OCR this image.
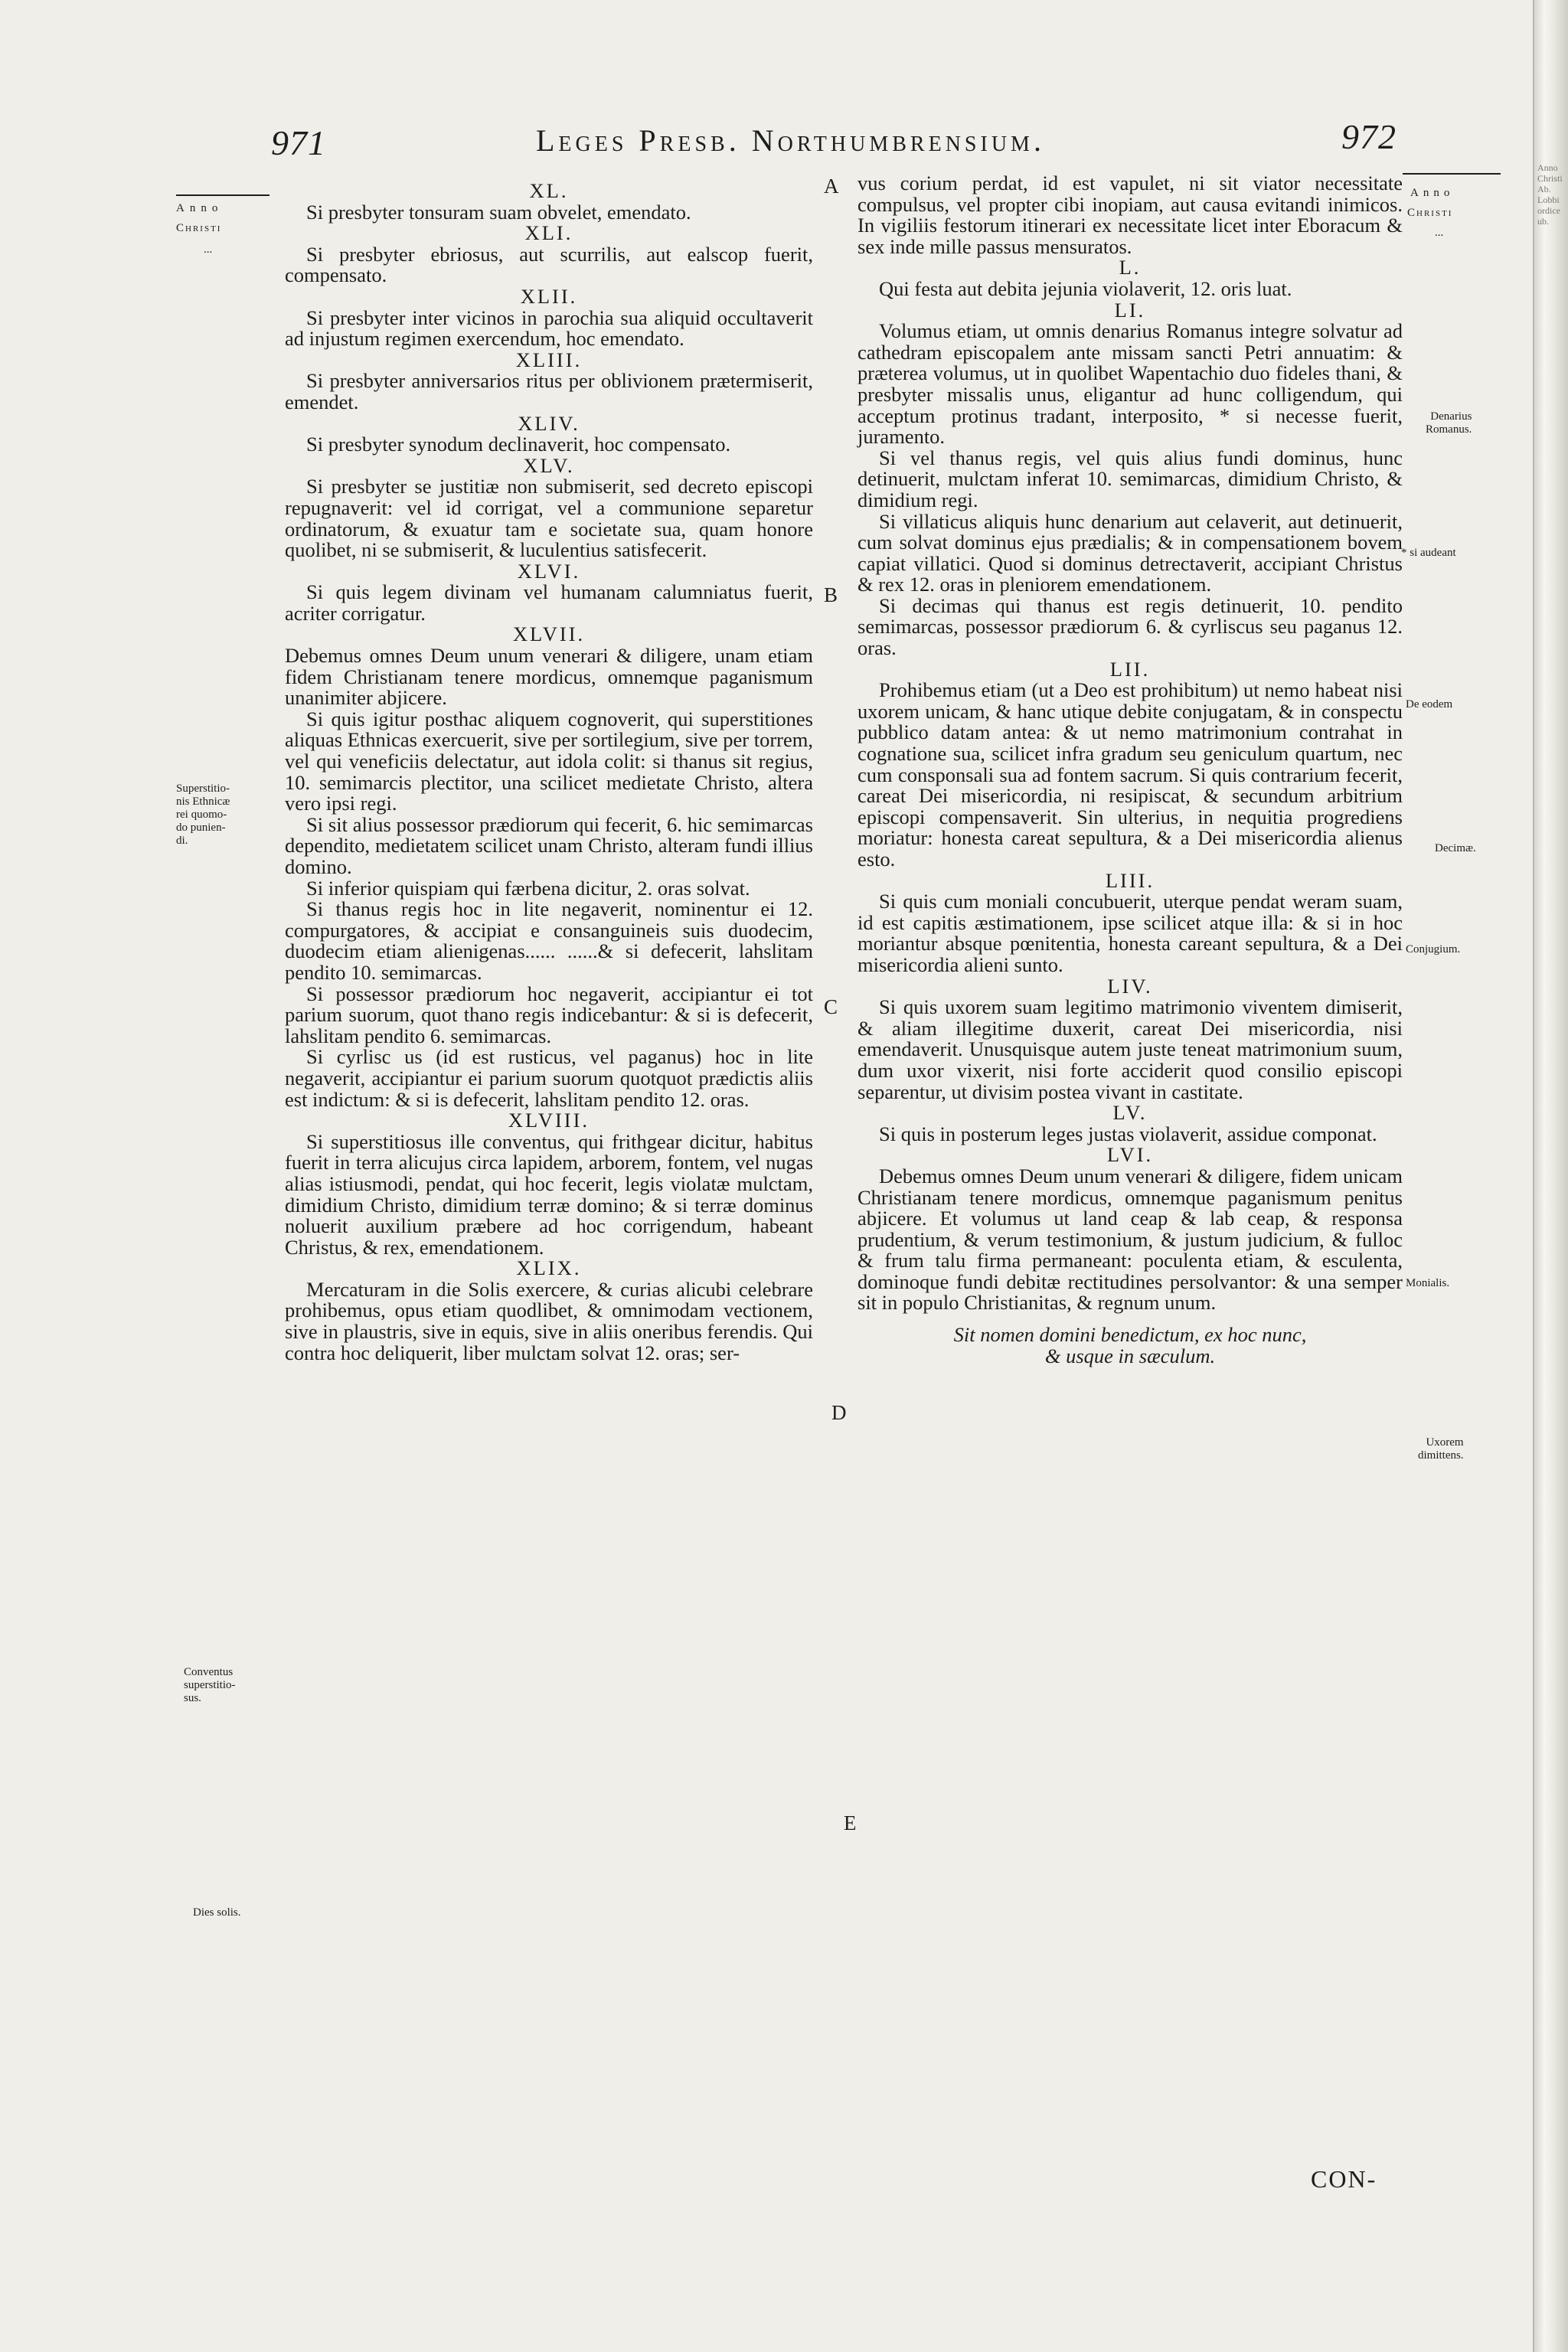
Anno
Christi
Ab.
Lobbi
ordice
ub.
971	Leges Presb. Northumbrensium.	972
Anno
Christi
...
Superstitio-
nis Ethnicæ
rei quomo-
do punien-
di.
Conventus
superstitio-
sus.
Dies solis.
A
B
C
D
E
XL.
Si presbyter tonsuram suam obvelet, emendato.
XLI.
Si presbyter ebriosus, aut scurrilis, aut ealscop fuerit, compensato.
XLII.
Si presbyter inter vicinos in parochia sua aliquid occultaverit ad injustum regimen exercendum, hoc emendato.
XLIII.
Si presbyter anniversarios ritus per oblivionem prætermiserit, emendet.
XLIV.
Si presbyter synodum declinaverit, hoc compensato.
XLV.
Si presbyter se justitiæ non submiserit, sed decreto episcopi repugnaverit: vel id corrigat, vel a communione separetur ordinatorum, & exuatur tam e societate sua, quam honore quolibet, ni se submiserit, & luculentius satisfecerit.
XLVI.
Si quis legem divinam vel humanam calumniatus fuerit, acriter corrigatur.
XLVII.
Debemus omnes Deum unum venerari & diligere, unam etiam fidem Christianam tenere mordicus, omnemque paganismum unanimiter abjicere.
Si quis igitur posthac aliquem cognoverit, qui superstitiones aliquas Ethnicas exercuerit, sive per sortilegium, sive per torrem, vel qui veneficiis delectatur, aut idola colit: si thanus sit regius, 10. semimarcis plectitor, una scilicet medietate Christo, altera vero ipsi regi.
Si sit alius possessor prædiorum qui fecerit, 6. hic semimarcas dependito, medietatem scilicet unam Christo, alteram fundi illius domino.
Si inferior quispiam qui færbena dicitur, 2. oras solvat.
Si thanus regis hoc in lite negaverit, nominentur ei 12. compurgatores, & accipiat e consanguineis suis duodecim, duodecim etiam alienigenas...... ......& si defecerit, lahslitam pendito 10. semimarcas.
Si possessor prædiorum hoc negaverit, accipiantur ei tot parium suorum, quot thano regis indicebantur: & si is defecerit, lahslitam pendito 6. semimarcas.
Si cyrlisc us (id est rusticus, vel paganus) hoc in lite negaverit, accipiantur ei parium suorum quotquot prædictis aliis est indictum: & si is defecerit, lahslitam pendito 12. oras.
XLVIII.
Si superstitiosus ille conventus, qui frithgear dicitur, habitus fuerit in terra alicujus circa lapidem, arborem, fontem, vel nugas alias istiusmodi, pendat, qui hoc fecerit, legis violatæ mulctam, dimidium Christo, dimidium terræ domino; & si terræ dominus noluerit auxilium præbere ad hoc corrigendum, habeant Christus, & rex, emendationem.
XLIX.
Mercaturam in die Solis exercere, & curias alicubi celebrare prohibemus, opus etiam quodlibet, & omnimodam vectionem, sive in plaustris, sive in equis, sive in aliis oneribus ferendis. Qui contra hoc deliquerit, liber mulctam solvat 12. oras; ser-
vus corium perdat, id est vapulet, ni sit viator necessitate compulsus, vel propter cibi inopiam, aut causa evitandi inimicos. In vigiliis festorum itinerari ex necessitate licet inter Eboracum & sex inde mille passus mensuratos.
L.
Qui festa aut debita jejunia violaverit, 12. oris luat.
LI.
Volumus etiam, ut omnis denarius Romanus integre solvatur ad cathedram episcopalem ante missam sancti Petri annuatim: & præterea volumus, ut in quolibet Wapentachio duo fideles thani, & presbyter missalis unus, eligantur ad hunc colligendum, qui acceptum protinus tradant, interposito, * si necesse fuerit, juramento.
Si vel thanus regis, vel quis alius fundi dominus, hunc detinuerit, mulctam inferat 10. semimarcas, dimidium Christo, & dimidium regi.
Si villaticus aliquis hunc denarium aut celaverit, aut detinuerit, cum solvat dominus ejus prædialis; & in compensationem bovem capiat villatici. Quod si dominus detrectaverit, accipiant Christus & rex 12. oras in pleniorem emendationem.
Si decimas qui thanus est regis detinuerit, 10. pendito semimarcas, possessor prædiorum 6. & cyrliscus seu paganus 12. oras.
LII.
Prohibemus etiam (ut a Deo est prohibitum) ut nemo habeat nisi uxorem unicam, & hanc utique debite conjugatam, & in conspectu pubblico datam antea: & ut nemo matrimonium contrahat in cognatione sua, scilicet infra gradum seu geniculum quartum, nec cum consponsali sua ad fontem sacrum. Si quis contrarium fecerit, careat Dei misericordia, ni resipiscat, & secundum arbitrium episcopi compensaverit. Sin ulterius, in nequitia progrediens moriatur: honesta careat sepultura, & a Dei misericordia alienus esto.
LIII.
Si quis cum moniali concubuerit, uterque pendat weram suam, id est capitis æstimationem, ipse scilicet atque illa: & si in hoc moriantur absque pœnitentia, honesta careant sepultura, & a Dei misericordia alieni sunto.
LIV.
Si quis uxorem suam legitimo matrimonio viventem dimiserit, & aliam illegitime duxerit, careat Dei misericordia, nisi emendaverit. Unusquisque autem juste teneat matrimonium suum, dum uxor vixerit, nisi forte acciderit quod consilio episcopi separentur, ut divisim postea vivant in castitate.
LV.
Si quis in posterum leges justas violaverit, assidue componat.
LVI.
Debemus omnes Deum unum venerari & diligere, fidem unicam Christianam tenere mordicus, omnemque paganismum penitus abjicere. Et volumus ut land ceap & lab ceap, & responsa prudentium, & verum testimonium, & justum judicium, & fulloc & frum talu firma permaneant: poculenta etiam, & esculenta, dominoque fundi debitæ rectitudines persolvantor: & una semper sit in populo Christianitas, & regnum unum.
Sit nomen domini benedictum, ex hoc nunc,
& usque in sæculum.
Anno
Christi
...
Denarius
Romanus.
* si audeant
De eodem
Decimæ.
Conjugium.
Monialis.
Uxorem
dimittens.
CON-
